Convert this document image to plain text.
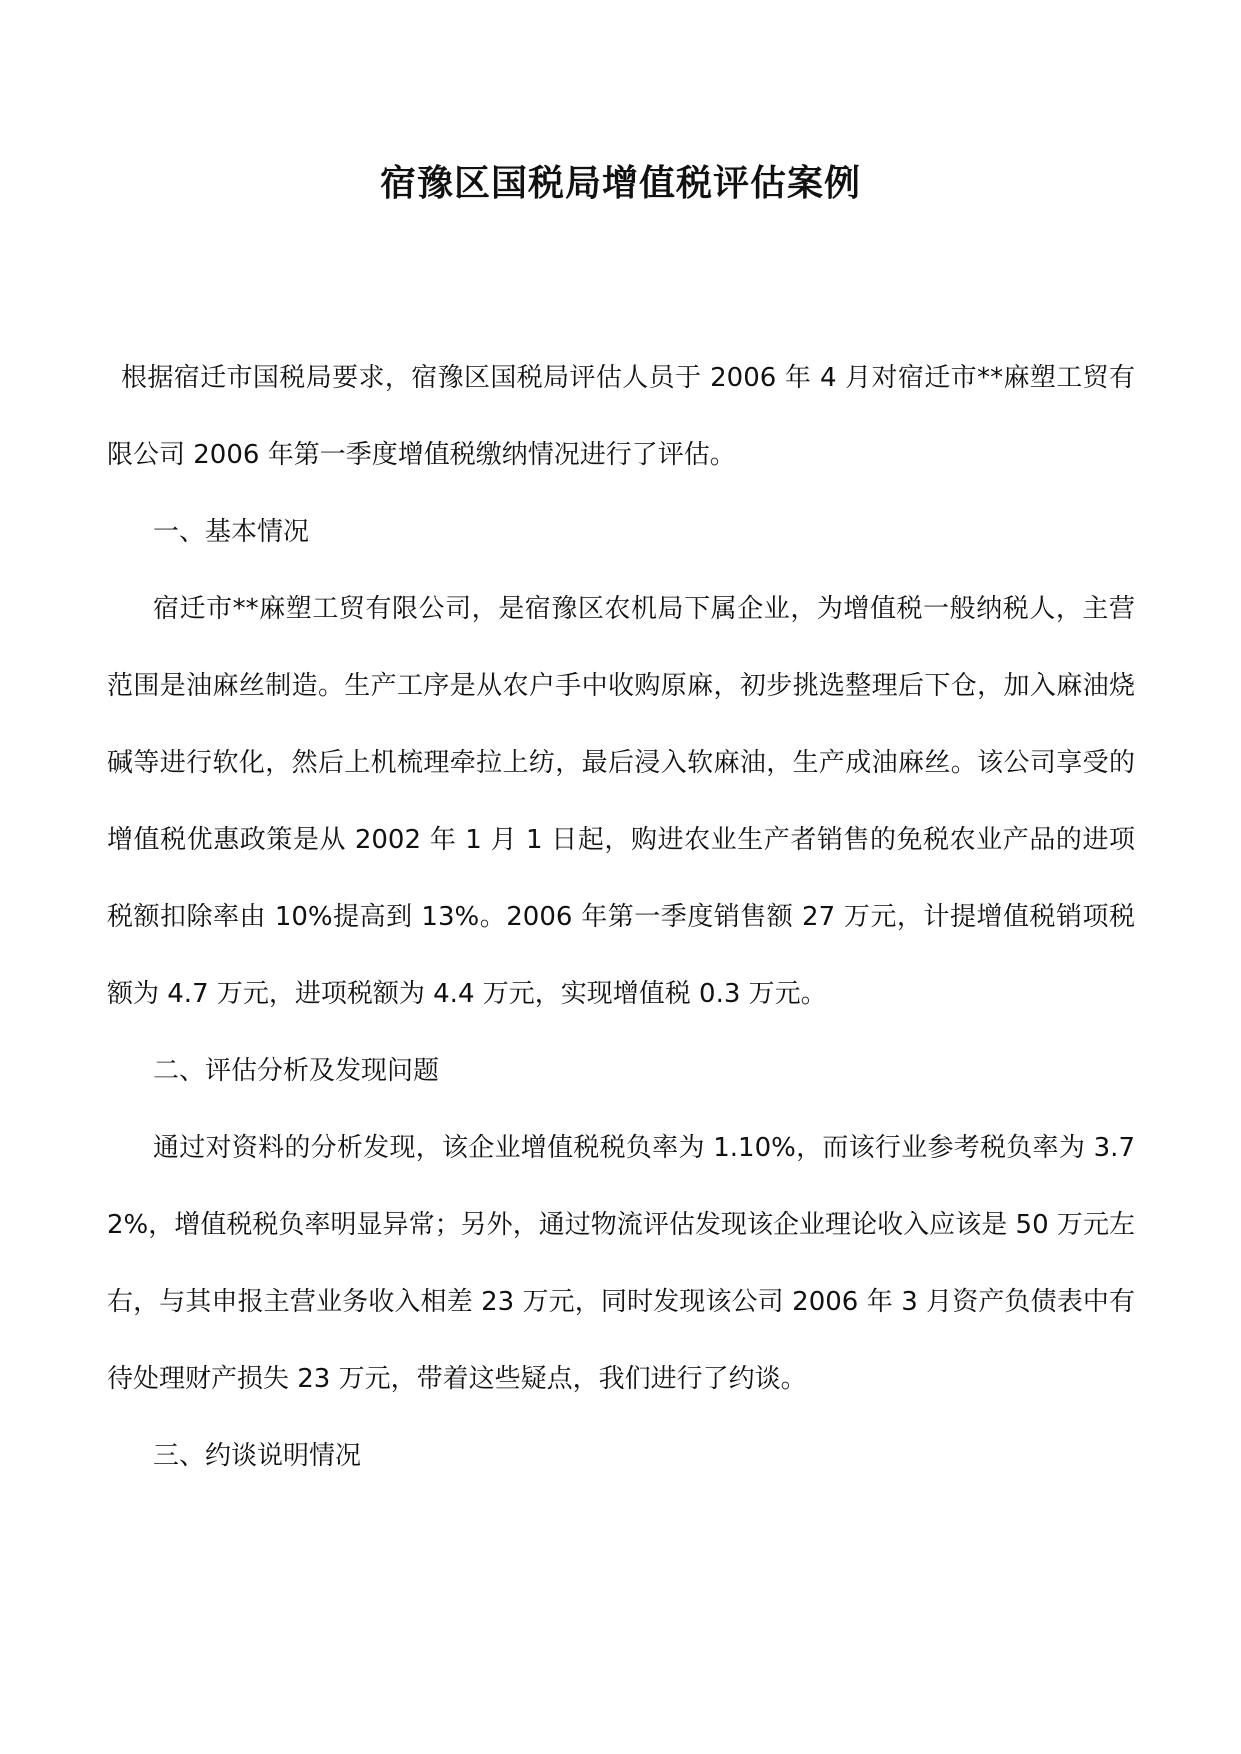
宿豫区国税局增值税评估案例

根据宿迁市国税局要求，宿豫区国税局评估人员于 2006 年 4 月对宿迁市**麻塑工贸有限公司 2006 年第一季度增值税缴纳情况进行了评估。

一、基本情况

宿迁市**麻塑工贸有限公司，是宿豫区农机局下属企业，为增值税一般纳税人，主营范围是油麻丝制造。生产工序是从农户手中收购原麻，初步挑选整理后下仓，加入麻油烧碱等进行软化，然后上机梳理牵拉上纺，最后浸入软麻油，生产成油麻丝。该公司享受的增值税优惠政策是从 2002 年 1 月 1 日起，购进农业生产者销售的免税农业产品的进项税额扣除率由 10%提高到 13%。2006 年第一季度销售额 27 万元，计提增值税销项税额为 4.7 万元，进项税额为 4.4 万元，实现增值税 0.3 万元。

二、评估分析及发现问题

通过对资料的分析发现，该企业增值税税负率为 1.10%，而该行业参考税负率为 3.72%，增值税税负率明显异常；另外，通过物流评估发现该企业理论收入应该是 50 万元左右，与其申报主营业务收入相差 23 万元，同时发现该公司 2006 年 3 月资产负债表中有待处理财产损失 23 万元，带着这些疑点，我们进行了约谈。

三、约谈说明情况
